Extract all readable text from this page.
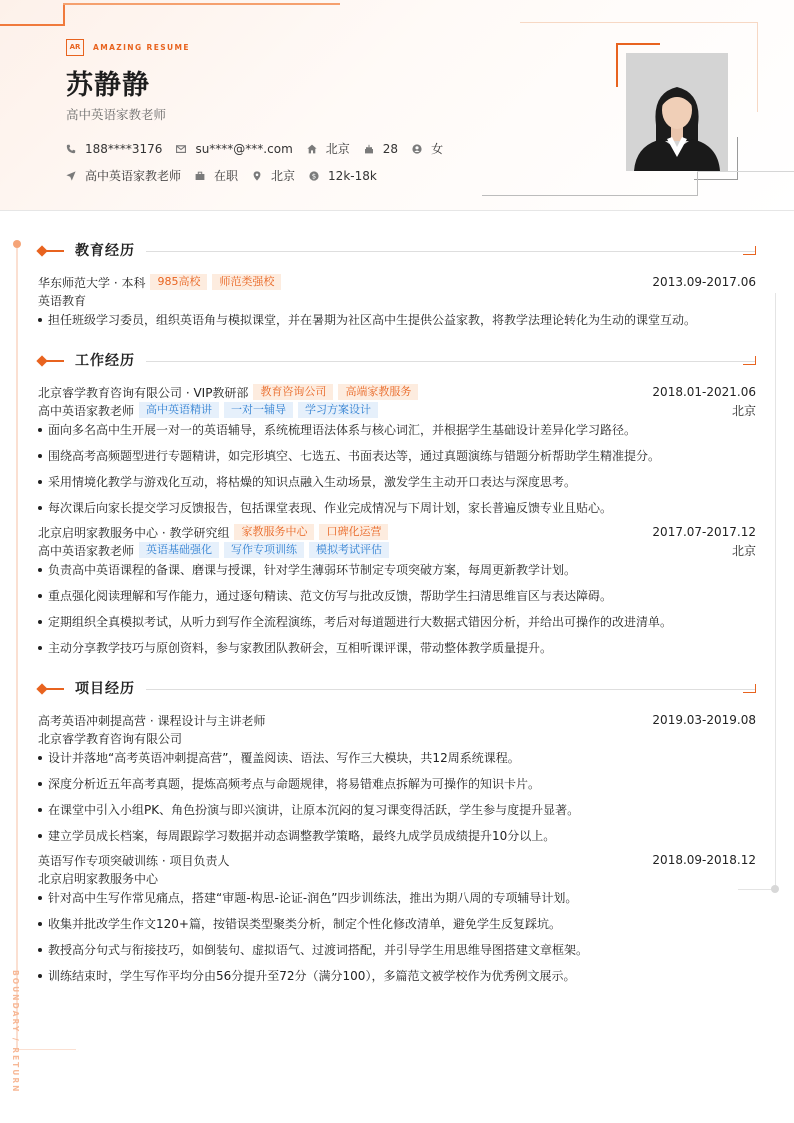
AR	AMAZING RESUME
苏静静
高中英语家教老师
188****3176	su****@***.com	北京	28	女
高中英语家教老师	在职	北京 $ 12k-18k
BOUNDARY / RETURN
教育经历
华东师范大学 · 本科	985高校	师范类强校	2013.09-2017.06
英语教育
担任班级学习委员，组织英语角与模拟课堂，并在暑期为社区高中生提供公益家教，将教学法理论转化为生动的课堂互动。
工作经历
北京睿学教育咨询有限公司 · VIP教研部	教育咨询公司	高端家教服务	2018.01-2021.06
高中英语家教老师	高中英语精讲	一对一辅导	学习方案设计	北京
面向多名高中生开展一对一的英语辅导，系统梳理语法体系与核心词汇，并根据学生基础设计差异化学习路径。
围绕高考高频题型进行专题精讲，如完形填空、七选五、书面表达等，通过真题演练与错题分析帮助学生精准提分。
采用情境化教学与游戏化互动，将枯燥的知识点融入生动场景，激发学生主动开口表达与深度思考。
每次课后向家长提交学习反馈报告，包括课堂表现、作业完成情况与下周计划，家长普遍反馈专业且贴心。
北京启明家教服务中心 · 教学研究组	家教服务中心	口碑化运营	2017.07-2017.12
高中英语家教老师	英语基础强化	写作专项训练	模拟考试评估	北京
负责高中英语课程的备课、磨课与授课，针对学生薄弱环节制定专项突破方案，每周更新教学计划。
重点强化阅读理解和写作能力，通过逐句精读、范文仿写与批改反馈，帮助学生扫清思维盲区与表达障碍。
定期组织全真模拟考试，从听力到写作全流程演练，考后对每道题进行大数据式错因分析，并给出可操作的改进清单。
主动分享教学技巧与原创资料，参与家教团队教研会，互相听课评课，带动整体教学质量提升。
项目经历
高考英语冲刺提高营 · 课程设计与主讲老师	2019.03-2019.08
北京睿学教育咨询有限公司
设计并落地“高考英语冲刺提高营”，覆盖阅读、语法、写作三大模块，共12周系统课程。
深度分析近五年高考真题，提炼高频考点与命题规律，将易错难点拆解为可操作的知识卡片。
在课堂中引入小组PK、角色扮演与即兴演讲，让原本沉闷的复习课变得活跃，学生参与度提升显著。
建立学员成长档案，每周跟踪学习数据并动态调整教学策略，最终九成学员成绩提升10分以上。
英语写作专项突破训练 · 项目负责人	2018.09-2018.12
北京启明家教服务中心
针对高中生写作常见痛点，搭建“审题-构思-论证-润色”四步训练法，推出为期八周的专项辅导计划。
收集并批改学生作文120+篇，按错误类型聚类分析，制定个性化修改清单，避免学生反复踩坑。
教授高分句式与衔接技巧，如倒装句、虚拟语气、过渡词搭配，并引导学生用思维导图搭建文章框架。
训练结束时，学生写作平均分由56分提升至72分（满分100），多篇范文被学校作为优秀例文展示。
